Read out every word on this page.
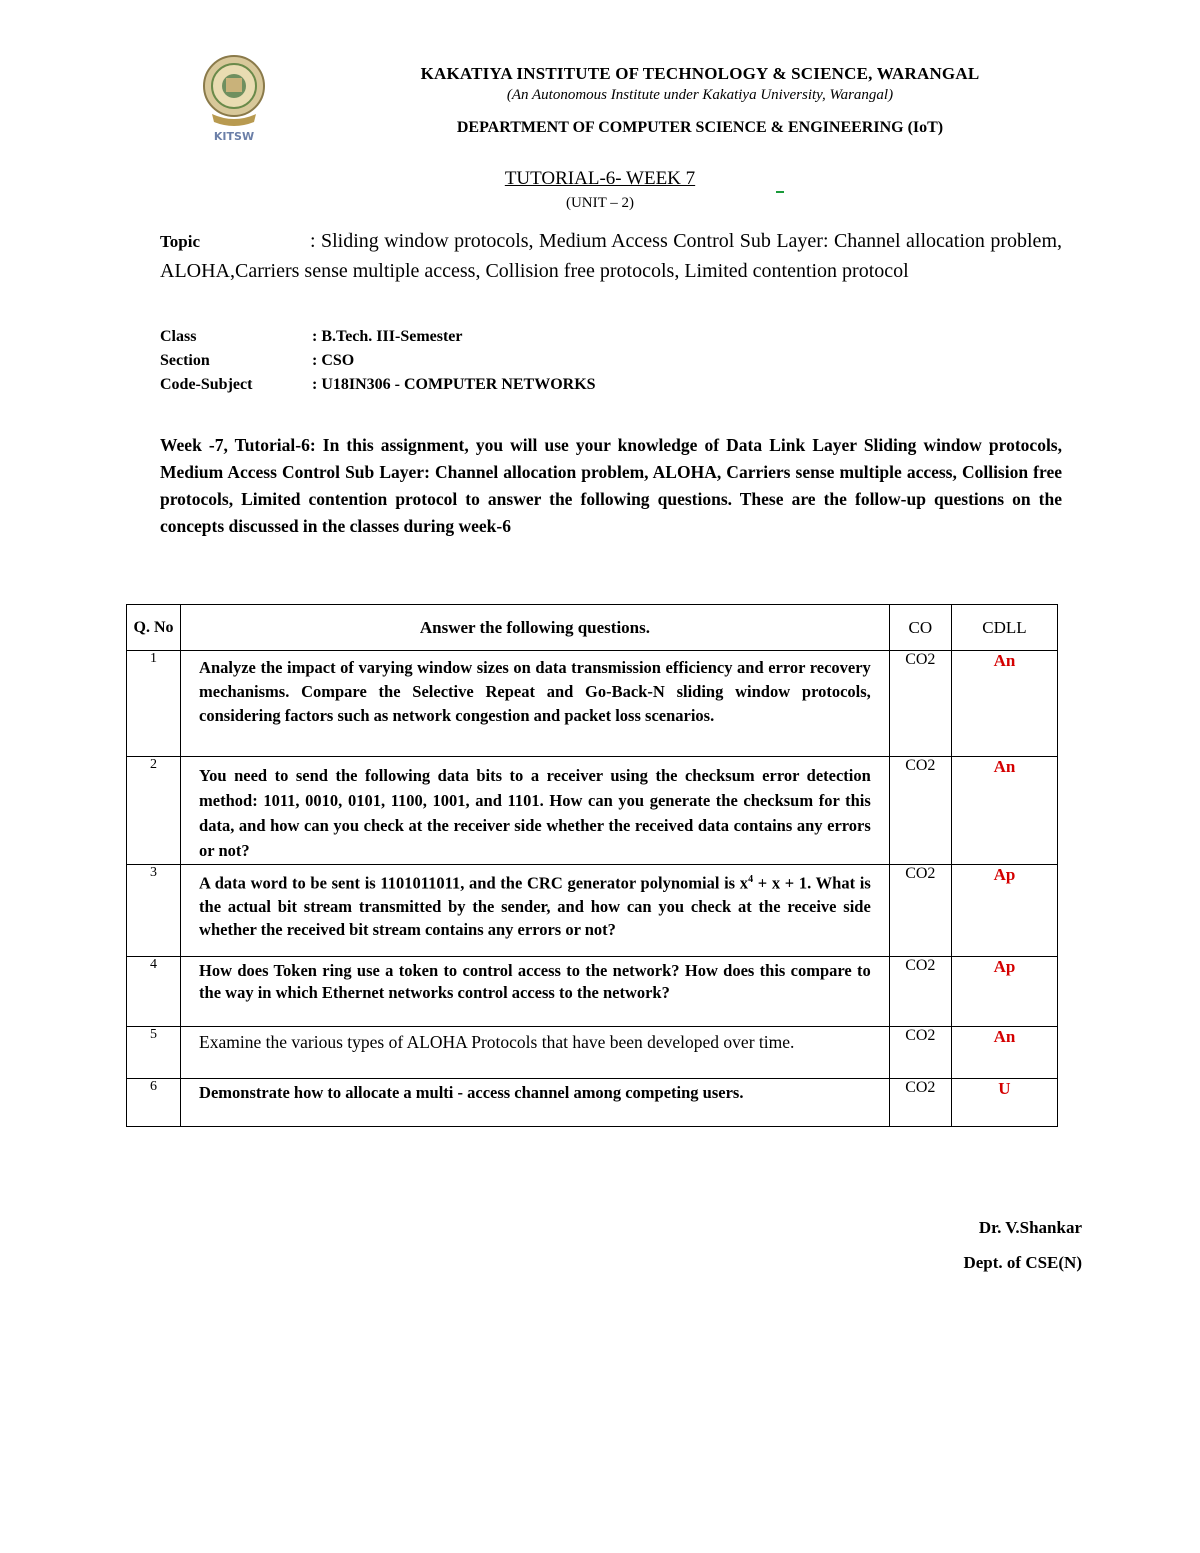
KITSW
KAKATIYA INSTITUTE OF TECHNOLOGY & SCIENCE, WARANGAL
(An Autonomous Institute under Kakatiya University, Warangal)
DEPARTMENT OF COMPUTER SCIENCE & ENGINEERING (IoT)
TUTORIAL-6- WEEK 7
(UNIT – 2)
Topic	: Sliding window protocols, Medium Access Control Sub Layer: Channel allocation problem, ALOHA,Carriers sense multiple access, Collision free protocols, Limited contention protocol
Class	: B.Tech. III-Semester
Section	: CSO
Code-Subject	: U18IN306 - COMPUTER NETWORKS
Week -7, Tutorial-6: In this assignment, you will use your knowledge of Data Link Layer Sliding window protocols, Medium Access Control Sub Layer: Channel allocation problem, ALOHA, Carriers sense multiple access, Collision free protocols, Limited contention protocol to answer the following questions. These are the follow-up questions on the concepts discussed in the classes during week-6
Q. No	Answer the following questions.	CO	CDLL
1	Analyze the impact of varying window sizes on data transmission efficiency and error recovery mechanisms. Compare the Selective Repeat and Go-Back-N sliding window protocols, considering factors such as network congestion and packet loss scenarios.	CO2	An
2	You need to send the following data bits to a receiver using the checksum error detection method: 1011, 0010, 0101, 1100, 1001, and 1101. How can you generate the checksum for this data, and how can you check at the receiver side whether the received data contains any errors or not?	CO2	An
3	A data word to be sent is 1101011011, and the CRC generator polynomial is $x^4 + x + 1$. What is the actual bit stream transmitted by the sender, and how can you check at the receive side whether the received bit stream contains any errors or not?	CO2	Ap
4	How does Token ring use a token to control access to the network? How does this compare to the way in which Ethernet networks control access to the network?	CO2	Ap
5	Examine the various types of ALOHA Protocols that have been developed over time.	CO2	An
6	Demonstrate how to allocate a multi - access channel among competing users.	CO2	U
Dr. V.Shankar
Dept. of CSE(N)
